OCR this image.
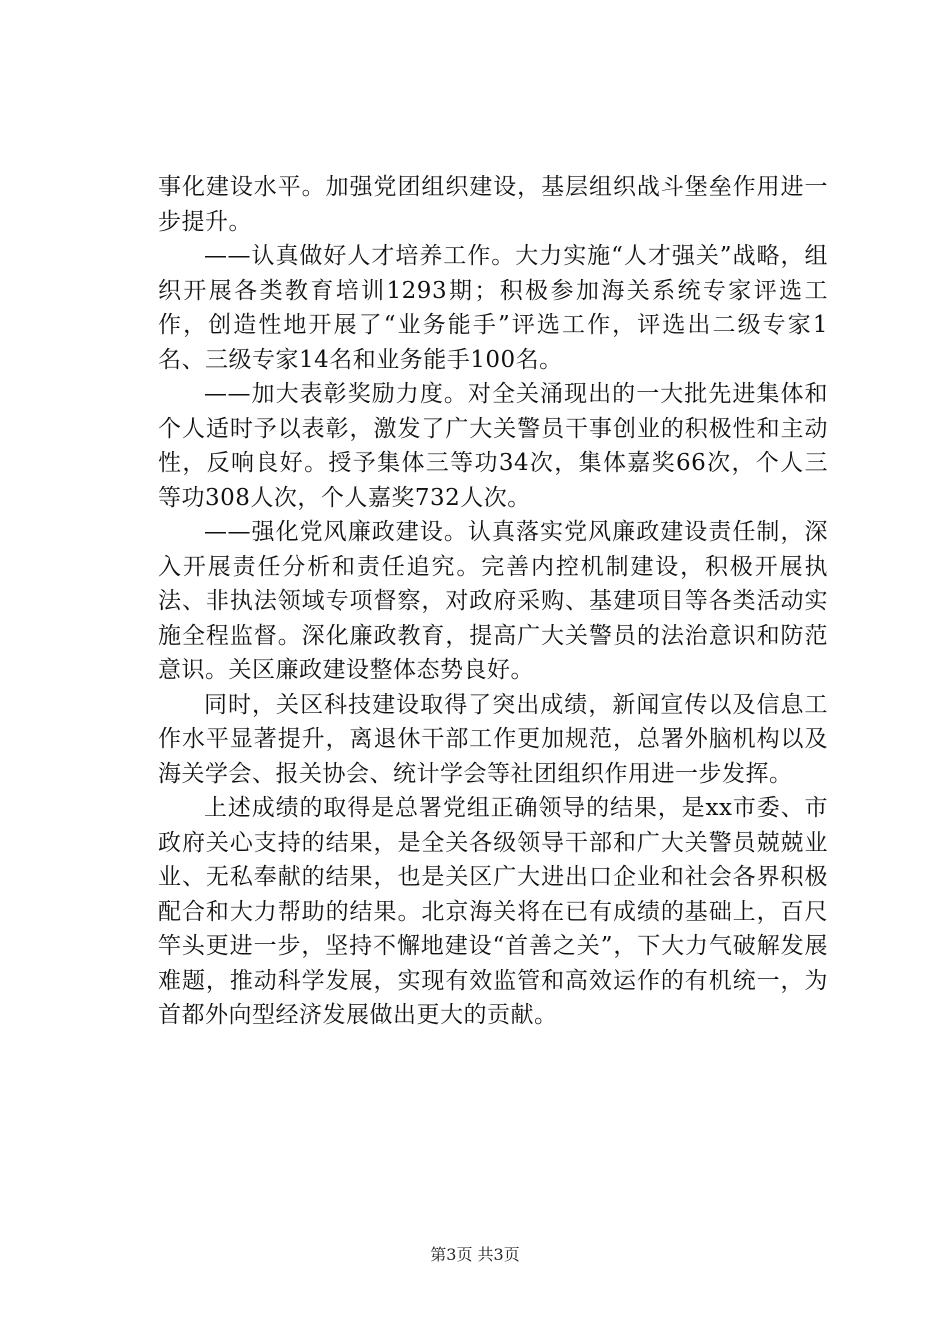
事化建设水平。加强党团组织建设，基层组织战斗堡垒作用进一步提升。

——认真做好人才培养工作。大力实施“人才强关”战略，组织开展各类教育培训1293期；积极参加海关系统专家评选工作，创造性地开展了“业务能手”评选工作，评选出二级专家1名、三级专家14名和业务能手100名。

——加大表彰奖励力度。对全关涌现出的一大批先进集体和个人适时予以表彰，激发了广大关警员干事创业的积极性和主动性，反响良好。授予集体三等功34次，集体嘉奖66次，个人三等功308人次，个人嘉奖732人次。

——强化党风廉政建设。认真落实党风廉政建设责任制，深入开展责任分析和责任追究。完善内控机制建设，积极开展执法、非执法领域专项督察，对政府采购、基建项目等各类活动实施全程监督。深化廉政教育，提高广大关警员的法治意识和防范意识。关区廉政建设整体态势良好。

同时，关区科技建设取得了突出成绩，新闻宣传以及信息工作水平显著提升，离退休干部工作更加规范，总署外脑机构以及海关学会、报关协会、统计学会等社团组织作用进一步发挥。

上述成绩的取得是总署党组正确领导的结果，是xx市委、市政府关心支持的结果，是全关各级领导干部和广大关警员兢兢业业、无私奉献的结果，也是关区广大进出口企业和社会各界积极配合和大力帮助的结果。北京海关将在已有成绩的基础上，百尺竿头更进一步，坚持不懈地建设“首善之关”，下大力气破解发展难题，推动科学发展，实现有效监管和高效运作的有机统一，为首都外向型经济发展做出更大的贡献。

第3页 共3页
